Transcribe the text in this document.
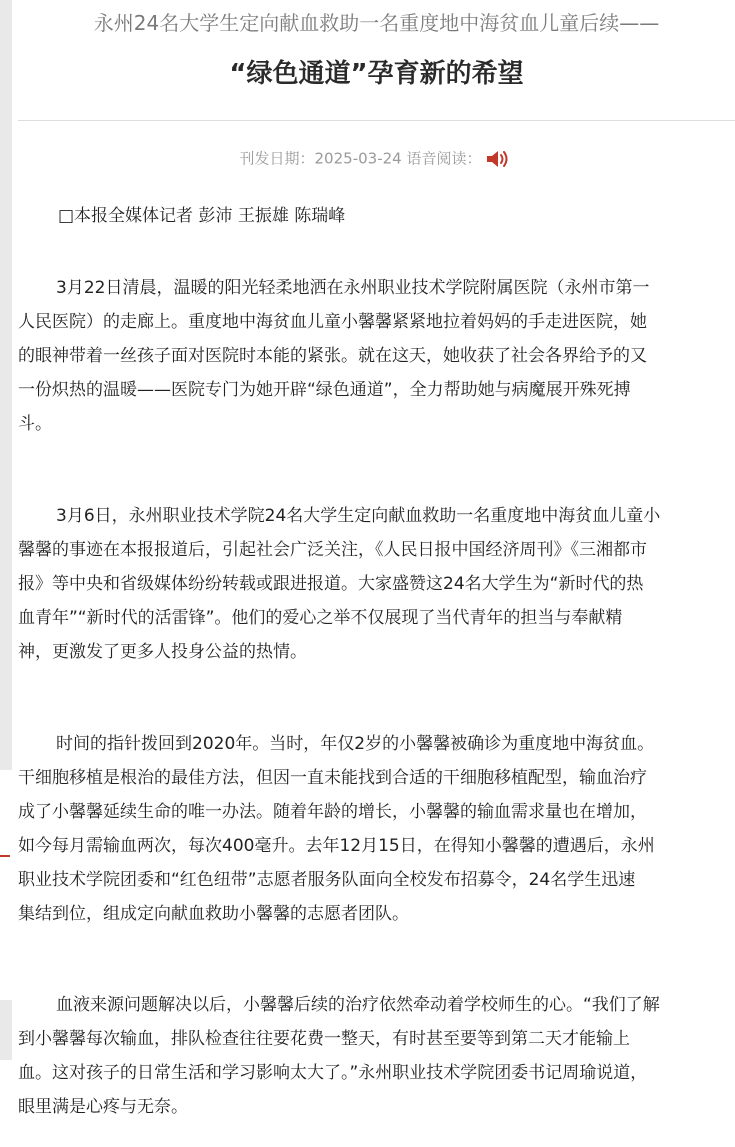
永州24名大学生定向献血救助一名重度地中海贫血儿童后续——
“绿色通道”孕育新的希望
刊发日期：2025-03-24 语音阅读：
□本报全媒体记者 彭沛 王振雄 陈瑞峰
3月22日清晨，温暖的阳光轻柔地洒在永州职业技术学院附属医院（永州市第一
人民医院）的走廊上。重度地中海贫血儿童小馨馨紧紧地拉着妈妈的手走进医院，她
的眼神带着一丝孩子面对医院时本能的紧张。就在这天，她收获了社会各界给予的又
一份炽热的温暖——医院专门为她开辟“绿色通道”，全力帮助她与病魔展开殊死搏
斗。
3月6日，永州职业技术学院24名大学生定向献血救助一名重度地中海贫血儿童小
馨馨的事迹在本报报道后，引起社会广泛关注，《人民日报中国经济周刊》《三湘都市
报》等中央和省级媒体纷纷转载或跟进报道。大家盛赞这24名大学生为“新时代的热
血青年”“新时代的活雷锋”。他们的爱心之举不仅展现了当代青年的担当与奉献精
神，更激发了更多人投身公益的热情。
时间的指针拨回到2020年。当时，年仅2岁的小馨馨被确诊为重度地中海贫血。
干细胞移植是根治的最佳方法，但因一直未能找到合适的干细胞移植配型，输血治疗
成了小馨馨延续生命的唯一办法。随着年龄的增长，小馨馨的输血需求量也在增加，
如今每月需输血两次，每次400毫升。去年12月15日，在得知小馨馨的遭遇后，永州
职业技术学院团委和“红色纽带”志愿者服务队面向全校发布招募令，24名学生迅速
集结到位，组成定向献血救助小馨馨的志愿者团队。
血液来源问题解决以后，小馨馨后续的治疗依然牵动着学校师生的心。“我们了解
到小馨馨每次输血，排队检查往往要花费一整天，有时甚至要等到第二天才能输上
血。这对孩子的日常生活和学习影响太大了。”永州职业技术学院团委书记周瑜说道，
眼里满是心疼与无奈。
